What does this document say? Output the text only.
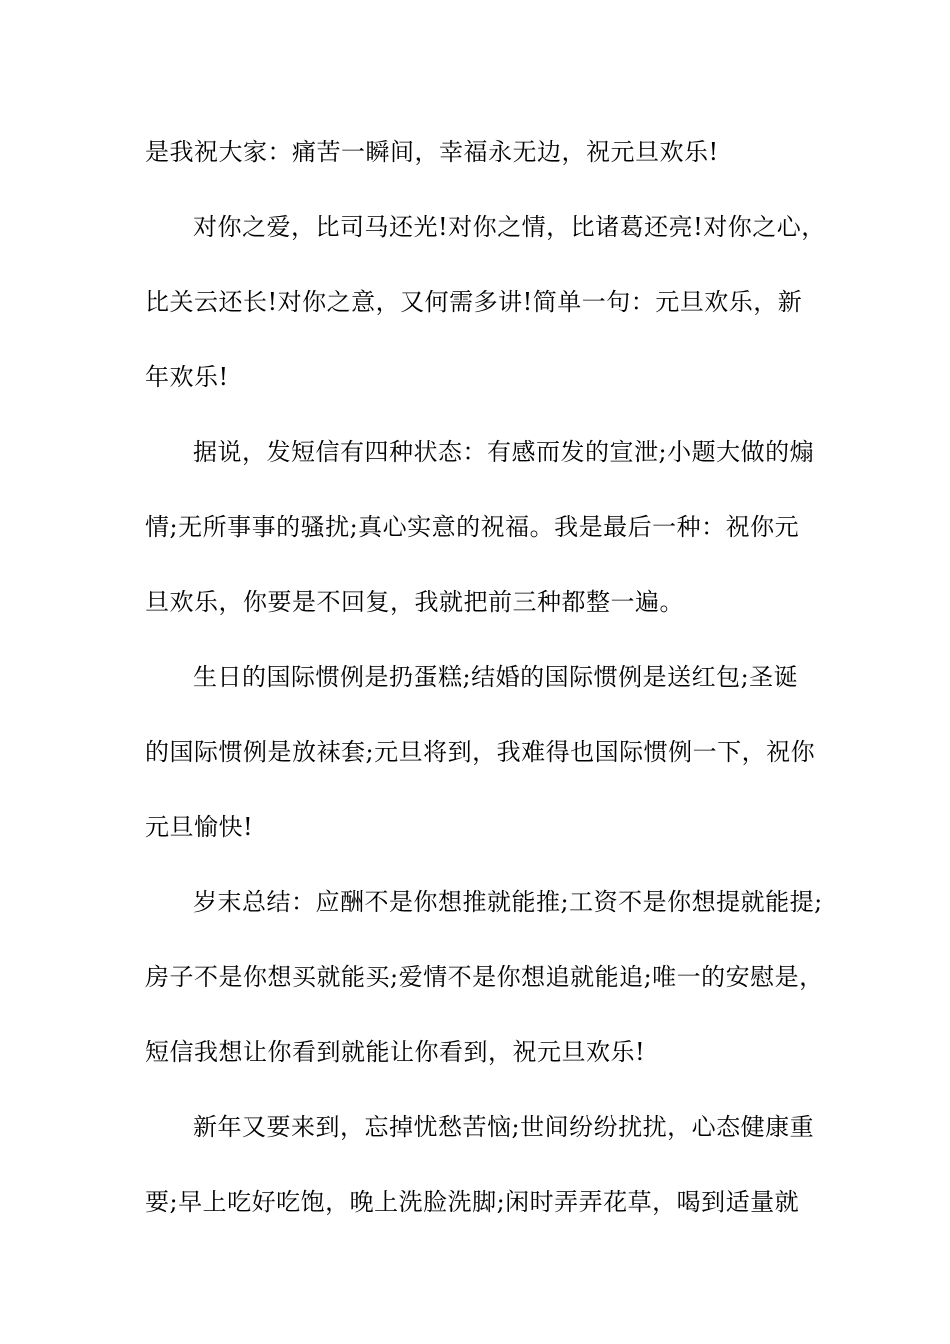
是我祝大家：痛苦一瞬间，幸福永无边，祝元旦欢乐!
对你之爱，比司马还光!对你之情，比诸葛还亮!对你之心，
比关云还长!对你之意，又何需多讲!简单一句：元旦欢乐，新
年欢乐!
据说，发短信有四种状态：有感而发的宣泄;小题大做的煽
情;无所事事的骚扰;真心实意的祝福。我是最后一种：祝你元
旦欢乐，你要是不回复，我就把前三种都整一遍。
生日的国际惯例是扔蛋糕;结婚的国际惯例是送红包;圣诞
的国际惯例是放袜套;元旦将到，我难得也国际惯例一下，祝你
元旦愉快!
岁末总结：应酬不是你想推就能推;工资不是你想提就能提;
房子不是你想买就能买;爱情不是你想追就能追;唯一的安慰是，
短信我想让你看到就能让你看到，祝元旦欢乐!
新年又要来到，忘掉忧愁苦恼;世间纷纷扰扰，心态健康重
要;早上吃好吃饱，晚上洗脸洗脚;闲时弄弄花草，喝到适量就
